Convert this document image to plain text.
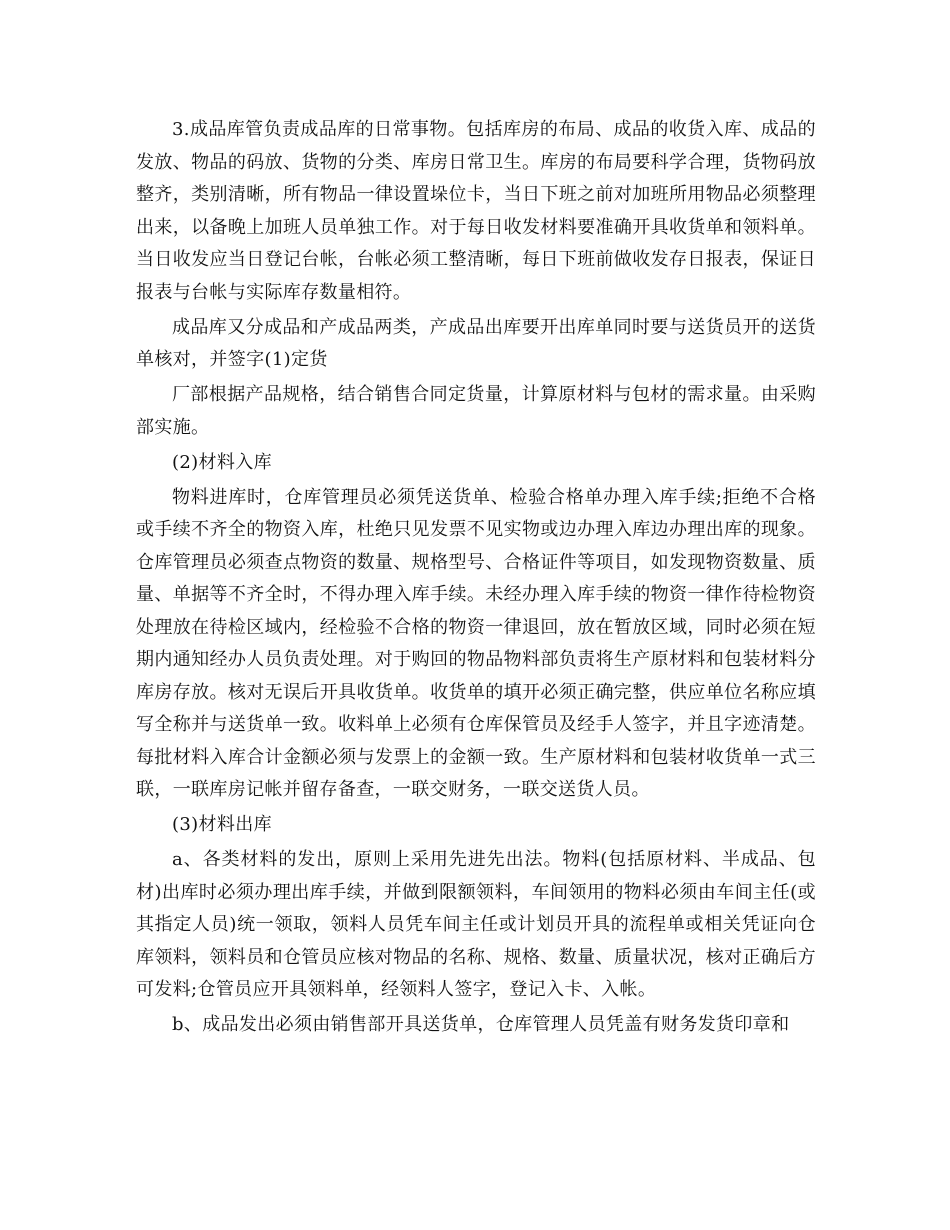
3.成品库管负责成品库的日常事物。包括库房的布局、成品的收货入库、成品的发放、物品的码放、货物的分类、库房日常卫生。库房的布局要科学合理，货物码放整齐，类别清晰，所有物品一律设置垛位卡，当日下班之前对加班所用物品必须整理出来，以备晚上加班人员单独工作。对于每日收发材料要准确开具收货单和领料单。当日收发应当日登记台帐，台帐必须工整清晰，每日下班前做收发存日报表，保证日报表与台帐与实际库存数量相符。

成品库又分成品和产成品两类，产成品出库要开出库单同时要与送货员开的送货单核对，并签字(1)定货

厂部根据产品规格，结合销售合同定货量，计算原材料与包材的需求量。由采购部实施。

(2)材料入库

物料进库时，仓库管理员必须凭送货单、检验合格单办理入库手续;拒绝不合格或手续不齐全的物资入库，杜绝只见发票不见实物或边办理入库边办理出库的现象。仓库管理员必须查点物资的数量、规格型号、合格证件等项目，如发现物资数量、质量、单据等不齐全时，不得办理入库手续。未经办理入库手续的物资一律作待检物资处理放在待检区域内，经检验不合格的物资一律退回，放在暂放区域，同时必须在短期内通知经办人员负责处理。对于购回的物品物料部负责将生产原材料和包装材料分库房存放。核对无误后开具收货单。收货单的填开必须正确完整，供应单位名称应填写全称并与送货单一致。收料单上必须有仓库保管员及经手人签字，并且字迹清楚。每批材料入库合计金额必须与发票上的金额一致。生产原材料和包装材收货单一式三联，一联库房记帐并留存备查，一联交财务，一联交送货人员。

(3)材料出库

a、各类材料的发出，原则上采用先进先出法。物料(包括原材料、半成品、包材)出库时必须办理出库手续，并做到限额领料，车间领用的物料必须由车间主任(或其指定人员)统一领取，领料人员凭车间主任或计划员开具的流程单或相关凭证向仓库领料，领料员和仓管员应核对物品的名称、规格、数量、质量状况，核对正确后方可发料;仓管员应开具领料单，经领料人签字，登记入卡、入帐。

b、成品发出必须由销售部开具送货单，仓库管理人员凭盖有财务发货印章和
